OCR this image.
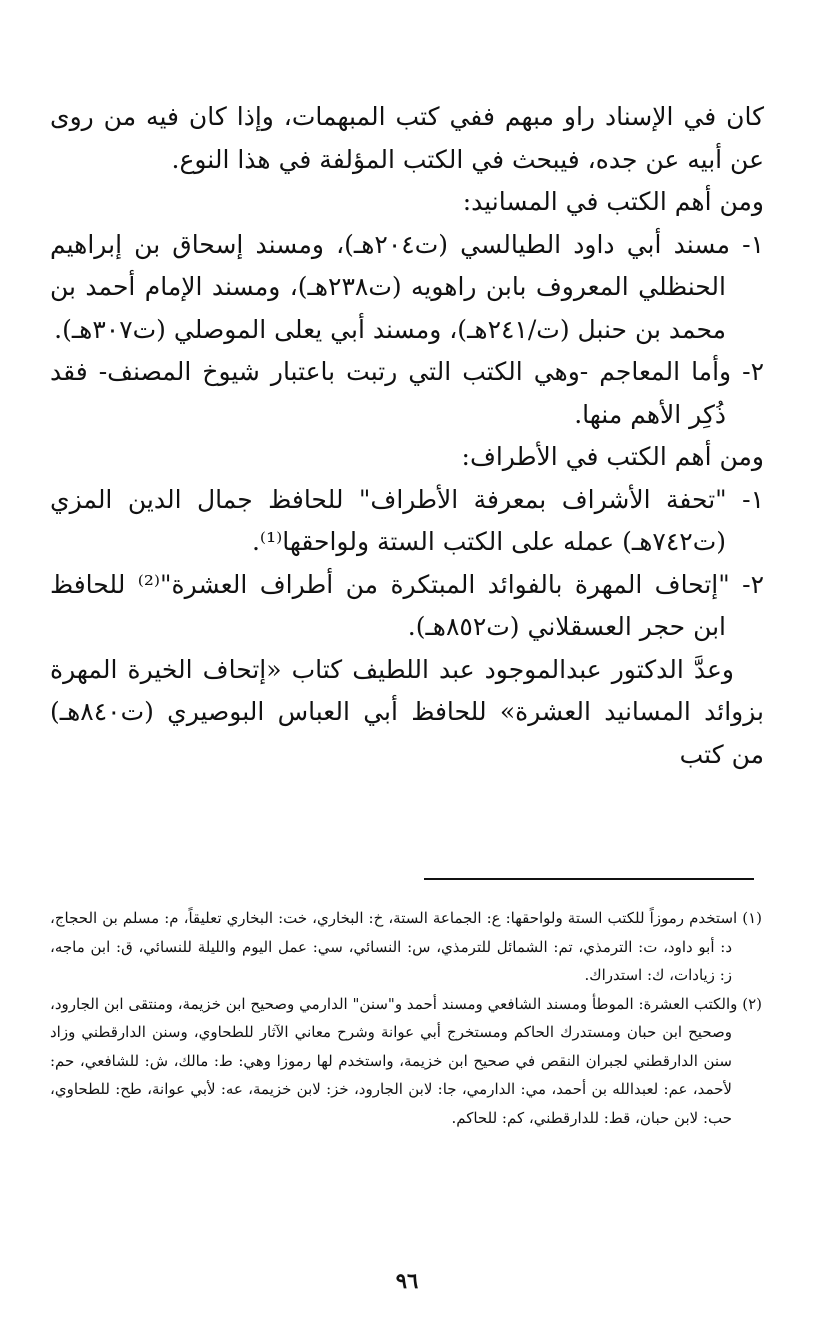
كان في الإسناد راو مبهم ففي كتب المبهمات، وإذا كان فيه من روى عن أبيه عن جده، فيبحث في الكتب المؤلفة في هذا النوع.

ومن أهم الكتب في المسانيد:

١- مسند أبي داود الطيالسي (ت٢٠٤هـ)، ومسند إسحاق بن إبراهيم الحنظلي المعروف بابن راهويه (ت٢٣٨هـ)، ومسند الإمام أحمد بن محمد بن حنبل (ت/٢٤١هـ)، ومسند أبي يعلى الموصلي (ت٣٠٧هـ).

٢- وأما المعاجم -وهي الكتب التي رتبت باعتبار شيوخ المصنف- فقد ذُكِر الأهم منها.

ومن أهم الكتب في الأطراف:

١- "تحفة الأشراف بمعرفة الأطراف" للحافظ جمال الدين المزي (ت٧٤٢هـ) عمله على الكتب الستة ولواحقها⁽¹⁾.

٢- "إتحاف المهرة بالفوائد المبتكرة من أطراف العشرة"⁽²⁾ للحافظ ابن حجر العسقلاني (ت٨٥٢هـ).

وعدَّ الدكتور عبدالموجود عبد اللطيف كتاب «إتحاف الخيرة المهرة بزوائد المسانيد العشرة» للحافظ أبي العباس البوصيري (ت٨٤٠هـ) من كتب

(١) استخدم رموزاً للكتب الستة ولواحقها: ع: الجماعة الستة، خ: البخاري، خت: البخاري تعليقاً، م: مسلم بن الحجاج، د: أبو داود، ت: الترمذي، تم: الشمائل للترمذي، س: النسائي، سي: عمل اليوم والليلة للنسائي، ق: ابن ماجه، ز: زيادات، ك: استدراك.

(٢) والكتب العشرة: الموطأ ومسند الشافعي ومسند أحمد و"سنن" الدارمي وصحيح ابن خزيمة، ومنتقى ابن الجارود، وصحيح ابن حبان ومستدرك الحاكم ومستخرج أبي عوانة وشرح معاني الآثار للطحاوي، وسنن الدارقطني وزاد سنن الدارقطني لجبران النقص في صحيح ابن خزيمة، واستخدم لها رموزا وهي: ط: مالك، ش: للشافعي، حم: لأحمد، عم: لعبدالله بن أحمد، مي: الدارمي، جا: لابن الجارود، خز: لابن خزيمة، عه: لأبي عوانة، طح: للطحاوي، حب: لابن حبان، قط: للدارقطني، كم: للحاكم.

٩٦
